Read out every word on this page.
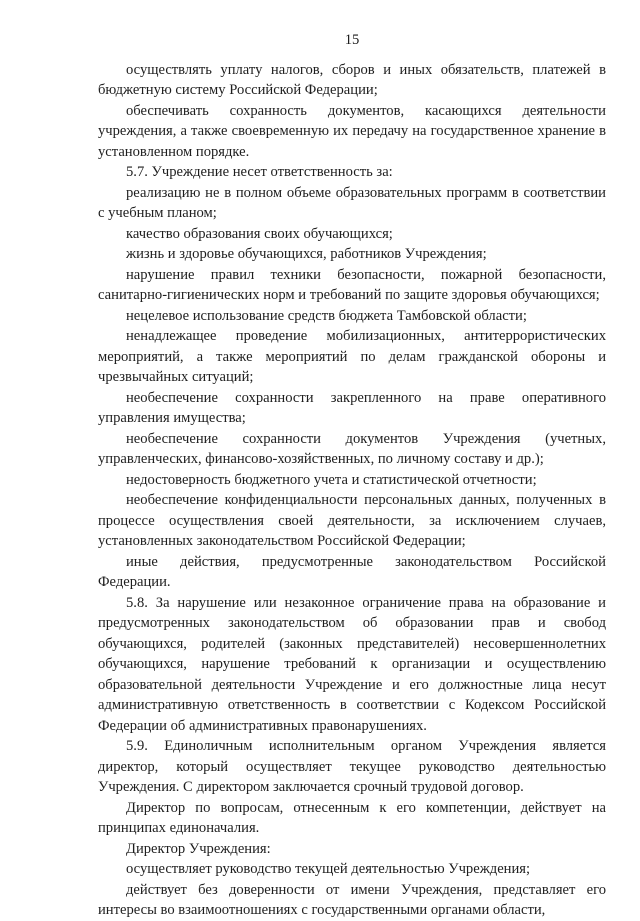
15

осуществлять уплату налогов, сборов и иных обязательств, платежей в бюджетную систему Российской Федерации;

обеспечивать сохранность документов, касающихся деятельности учреждения, а также своевременную их передачу на государственное хранение в установленном порядке.

5.7. Учреждение несет ответственность за:

реализацию не в полном объеме образовательных программ в соответствии с учебным планом;

качество образования своих обучающихся;

жизнь и здоровье обучающихся, работников Учреждения;

нарушение правил техники безопасности, пожарной безопасности, санитарно-гигиенических норм и требований по защите здоровья обучающихся;

нецелевое использование средств бюджета Тамбовской области;

ненадлежащее проведение мобилизационных, антитеррористических мероприятий, а также мероприятий по делам гражданской обороны и чрезвычайных ситуаций;

необеспечение сохранности закрепленного на праве оперативного управления имущества;

необеспечение сохранности документов Учреждения (учетных, управленческих, финансово-хозяйственных, по личному составу и др.);

недостоверность бюджетного учета и статистической отчетности;

необеспечение конфиденциальности персональных данных, полученных в процессе осуществления своей деятельности, за исключением случаев, установленных законодательством Российской Федерации;

иные действия, предусмотренные законодательством Российской Федерации.

5.8. За нарушение или незаконное ограничение права на образование и предусмотренных законодательством об образовании прав и свобод обучающихся, родителей (законных представителей) несовершеннолетних обучающихся, нарушение требований к организации и осуществлению образовательной деятельности Учреждение и его должностные лица несут административную ответственность в соответствии с Кодексом Российской Федерации об административных правонарушениях.

5.9. Единоличным исполнительным органом Учреждения является директор, который осуществляет текущее руководство деятельностью Учреждения. С директором заключается срочный трудовой договор.

Директор по вопросам, отнесенным к его компетенции, действует на принципах единоначалия.

Директор Учреждения:

осуществляет руководство текущей деятельностью Учреждения;

действует без доверенности от имени Учреждения, представляет его интересы во взаимоотношениях с государственными органами области,
